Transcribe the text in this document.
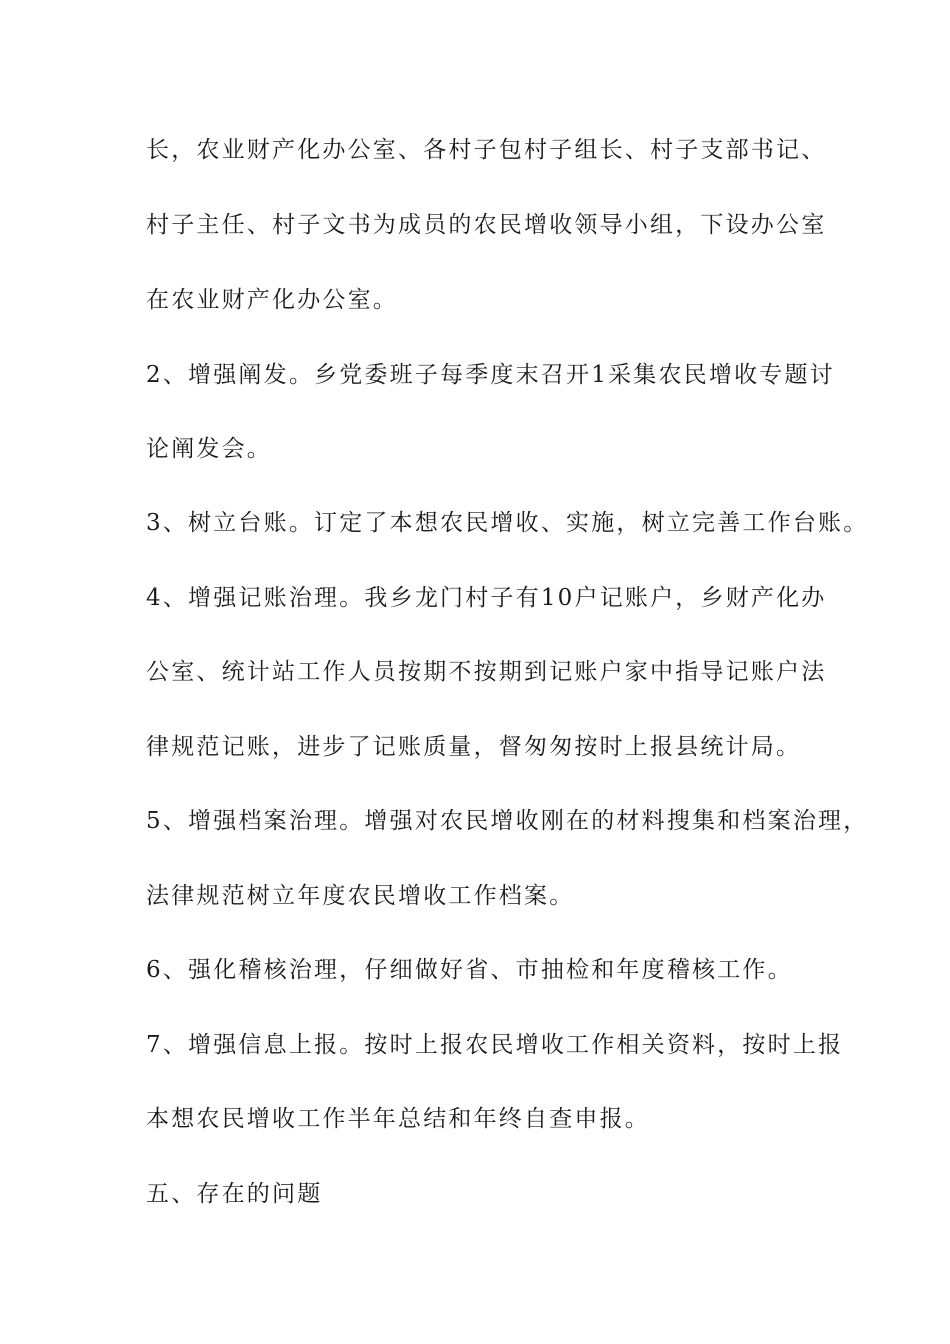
长，农业财产化办公室、各村子包村子组长、村子支部书记、
村子主任、村子文书为成员的农民增收领导小组，下设办公室
在农业财产化办公室。
2、增强阐发。乡党委班子每季度末召开1采集农民增收专题讨
论阐发会。
3、树立台账。订定了本想农民增收、实施，树立完善工作台账。
4、增强记账治理。我乡龙门村子有10户记账户，乡财产化办
公室、统计站工作人员按期不按期到记账户家中指导记账户法
律规范记账，进步了记账质量，督匆匆按时上报县统计局。
5、增强档案治理。增强对农民增收刚在的材料搜集和档案治理，
法律规范树立年度农民增收工作档案。
6、强化稽核治理，仔细做好省、市抽检和年度稽核工作。
7、增强信息上报。按时上报农民增收工作相关资料，按时上报
本想农民增收工作半年总结和年终自查申报。
五、存在的问题
